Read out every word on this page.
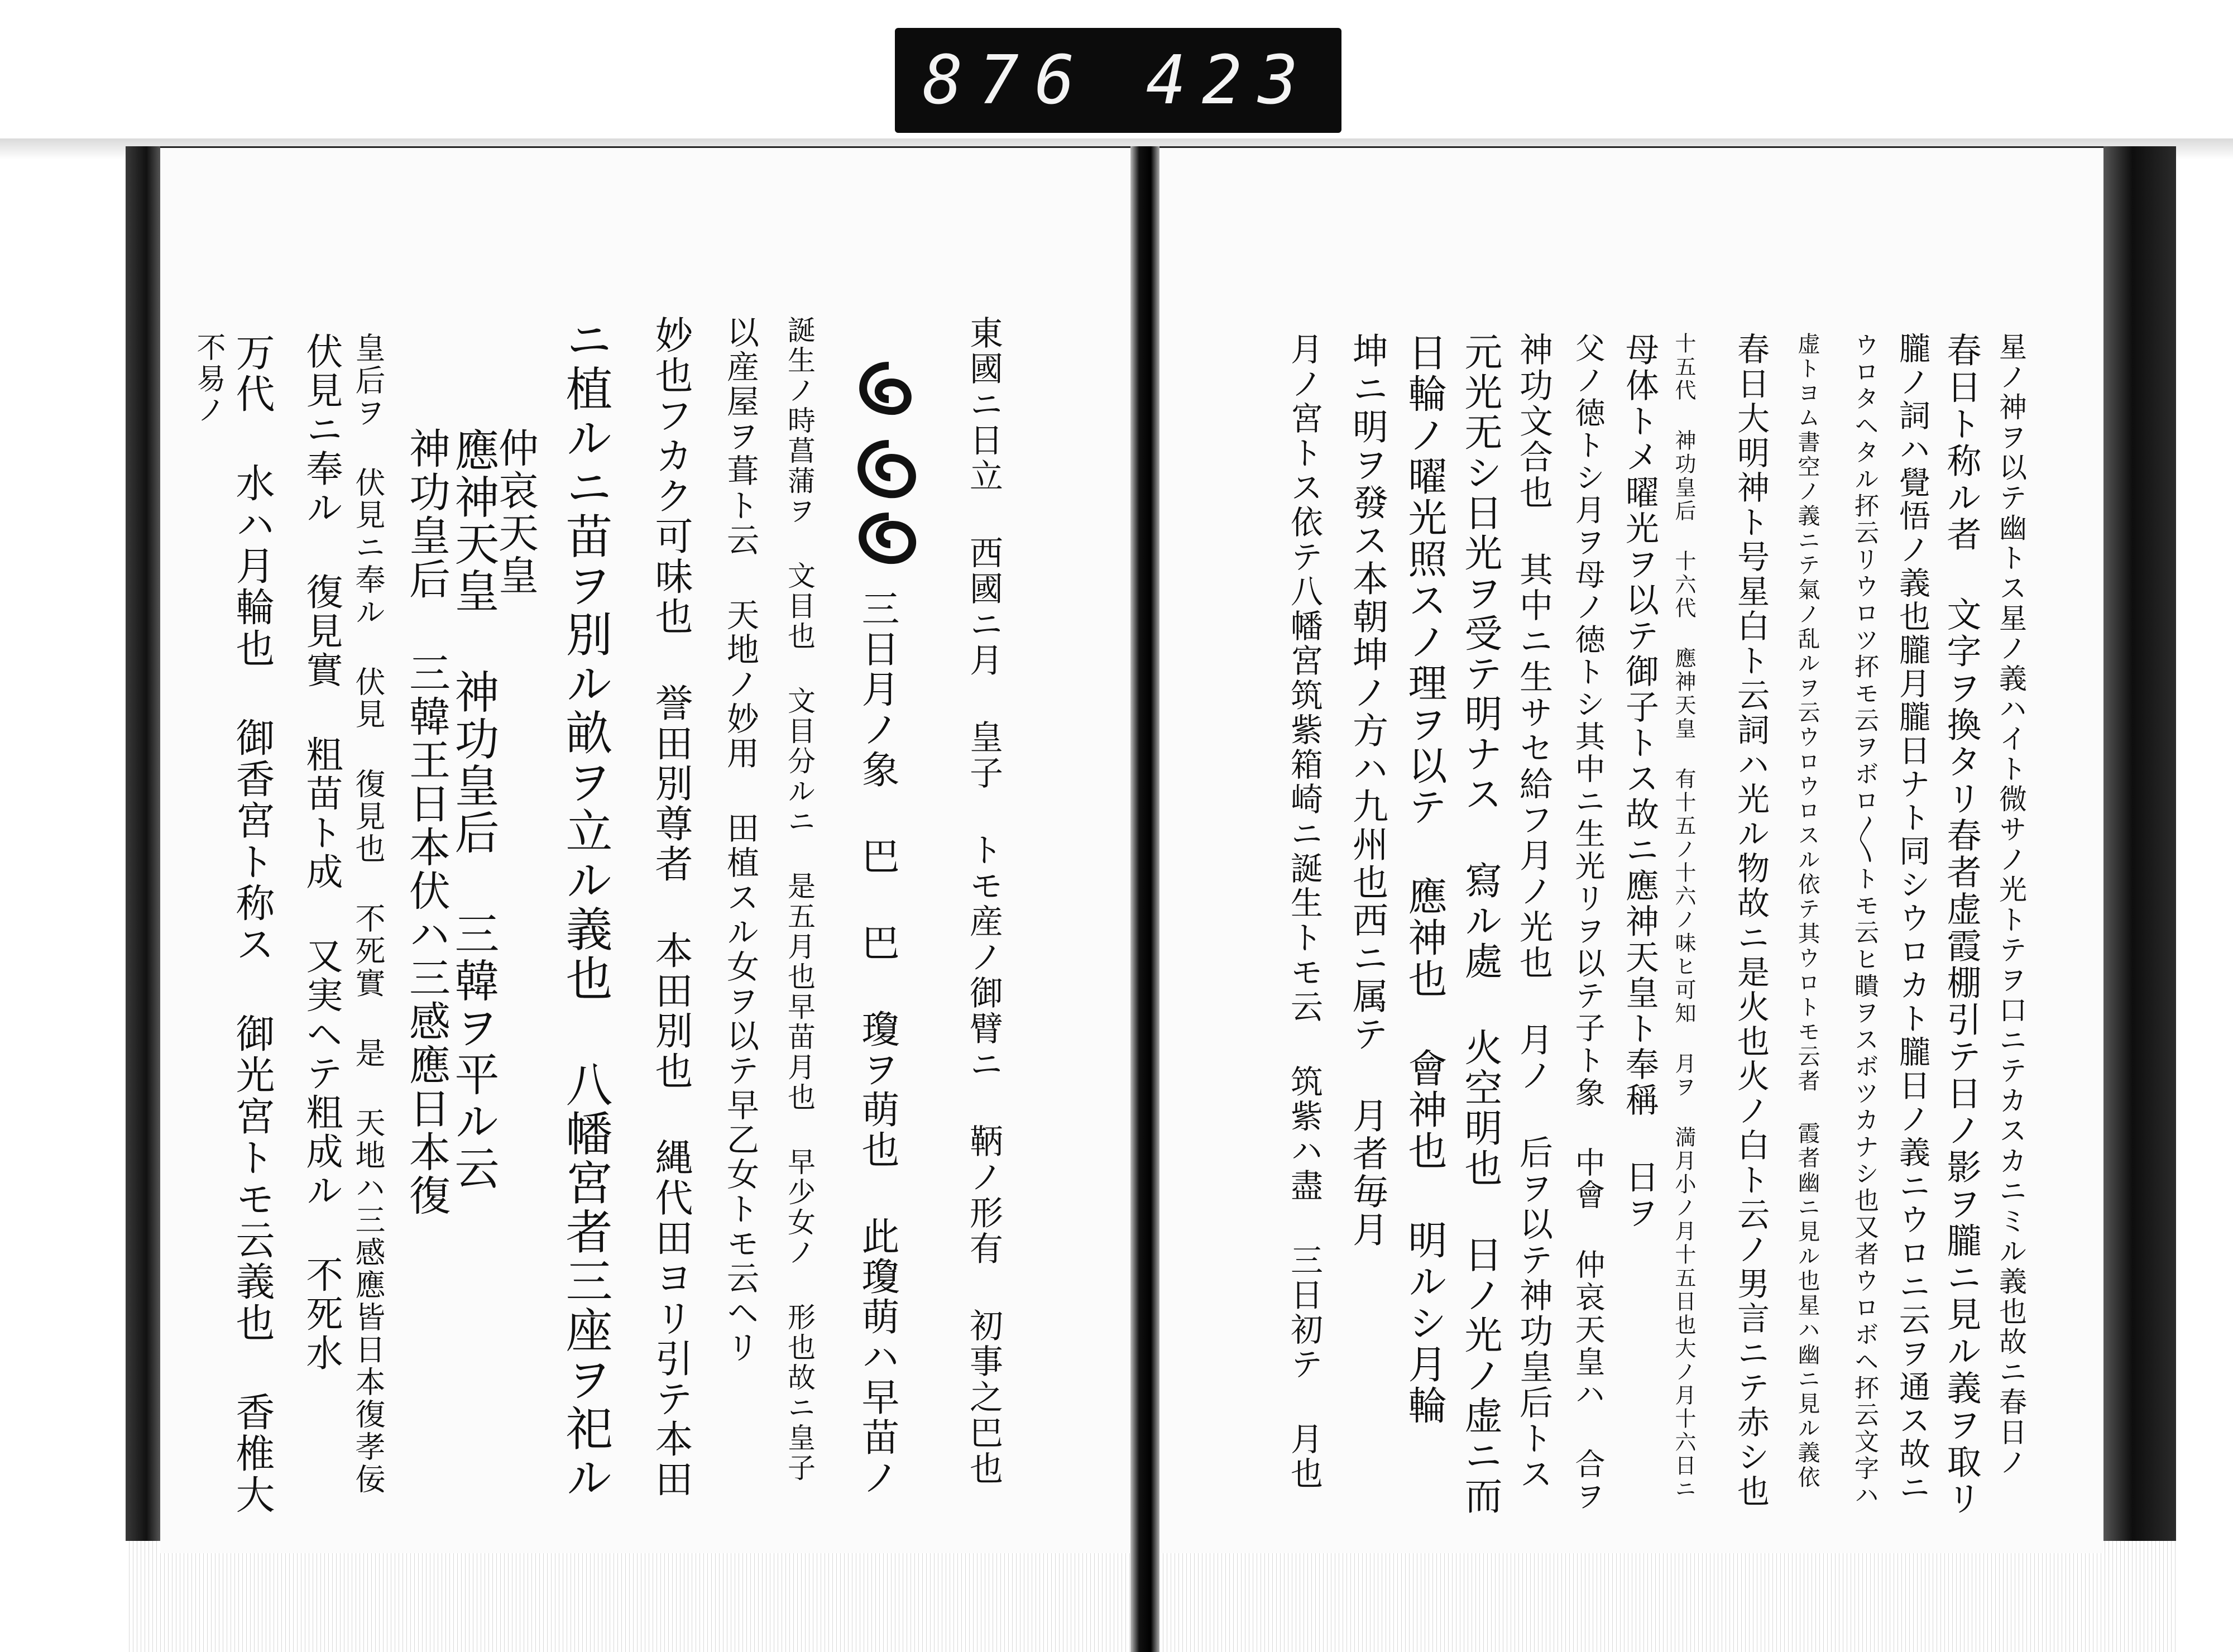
876 423
東國ニ日立 西國ニ月 皇子 トモ産ノ御臂ニ 鞆ノ形有 初事之巴也
三日月ノ象 巴 巴 瓊ヲ萌也 此瓊萌ハ早苗ノ
誕生ノ時菖蒲ヲ 文目也 文目分ルニ 是五月也早苗月也 早少女ノ 形也故ニ皇子
以産屋ヲ葺ト云 天地ノ妙用 田植スル女ヲ以テ早乙女トモ云ヘリ
妙也フカク可味也 誉田別尊者 本田別也 縄代田ヨリ引テ本田
ニ植ルニ苗ヲ別ル畝ヲ立ル義也 八幡宮者三座ヲ祀ル
仲哀天皇
應神天皇 神功皇后 三韓ヲ平ル云
神功皇后 三韓王日本伏ハ三感應日本復
皇后ヲ 伏見ニ奉ル 伏見 復見也 不死實 是 天地ハ三感應皆日本復孝佞
伏見ニ奉ル 復見實 粗苗ト成 又実ヘテ粗成ル 不死水
万代 水ハ月輪也 御香宮ト称ス 御光宮トモ云義也 香椎大
不易ノ	星ノ神ヲ以テ幽トス星ノ義ハイト微サノ光トテヲ口ニテカスカニミル義也故ニ春日ノ
春日ト称ル者 文字ヲ換タリ春者虚霞棚引テ日ノ影ヲ朧ニ見ル義ヲ取リ
朧ノ詞ハ覺悟ノ義也朧月朧日ナト同シウロカト朧日ノ義ニウロニ云ヲ通ス故ニ
ウロタヘタル抔云リウロツ抔モ云ヲボロ〳〵トモ云ヒ瞶ヲスボツカナシ也又者ウロボヘ抔云文字ハ
虚トヨム書空ノ義ニテ氣ノ乱ルヲ云ウロウロスル依テ其ウロトモ云者 霞者幽ニ見ル也星ハ幽ニ見ル義依
春日大明神ト号星白ト云詞ハ光ル物故ニ是火也火ノ白ト云ノ男言ニテ赤シ也
十五代 神功皇后 十六代 應神天皇 有十五ノ十六ノ味ヒ可知 月ヲ 満月小ノ月十五日也大ノ月十六日ニ
母体トメ曜光ヲ以テ御子トス故ニ應神天皇ト奉稱 日ヲ
父ノ徳トシ月ヲ母ノ徳トシ其中ニ生光リヲ以テ子ト象 中會 仲哀天皇ハ 合ヲ
神功文合也 其中ニ生サセ給フ月ノ光也 月ノ 后ヲ以テ神功皇后トス
元光无シ日光ヲ受テ明ナス 寫ル處 火空明也 日ノ光ノ虚ニ而
日輪ノ曜光照スノ理ヲ以テ 應神也 會神也 明ルシ月輪
坤ニ明ヲ發ス本朝坤ノ方ハ九州也西ニ属テ 月者毎月
月ノ宮トス依テ八幡宮筑紫箱崎ニ誕生トモ云 筑紫ハ盡 三日初テ 月也
